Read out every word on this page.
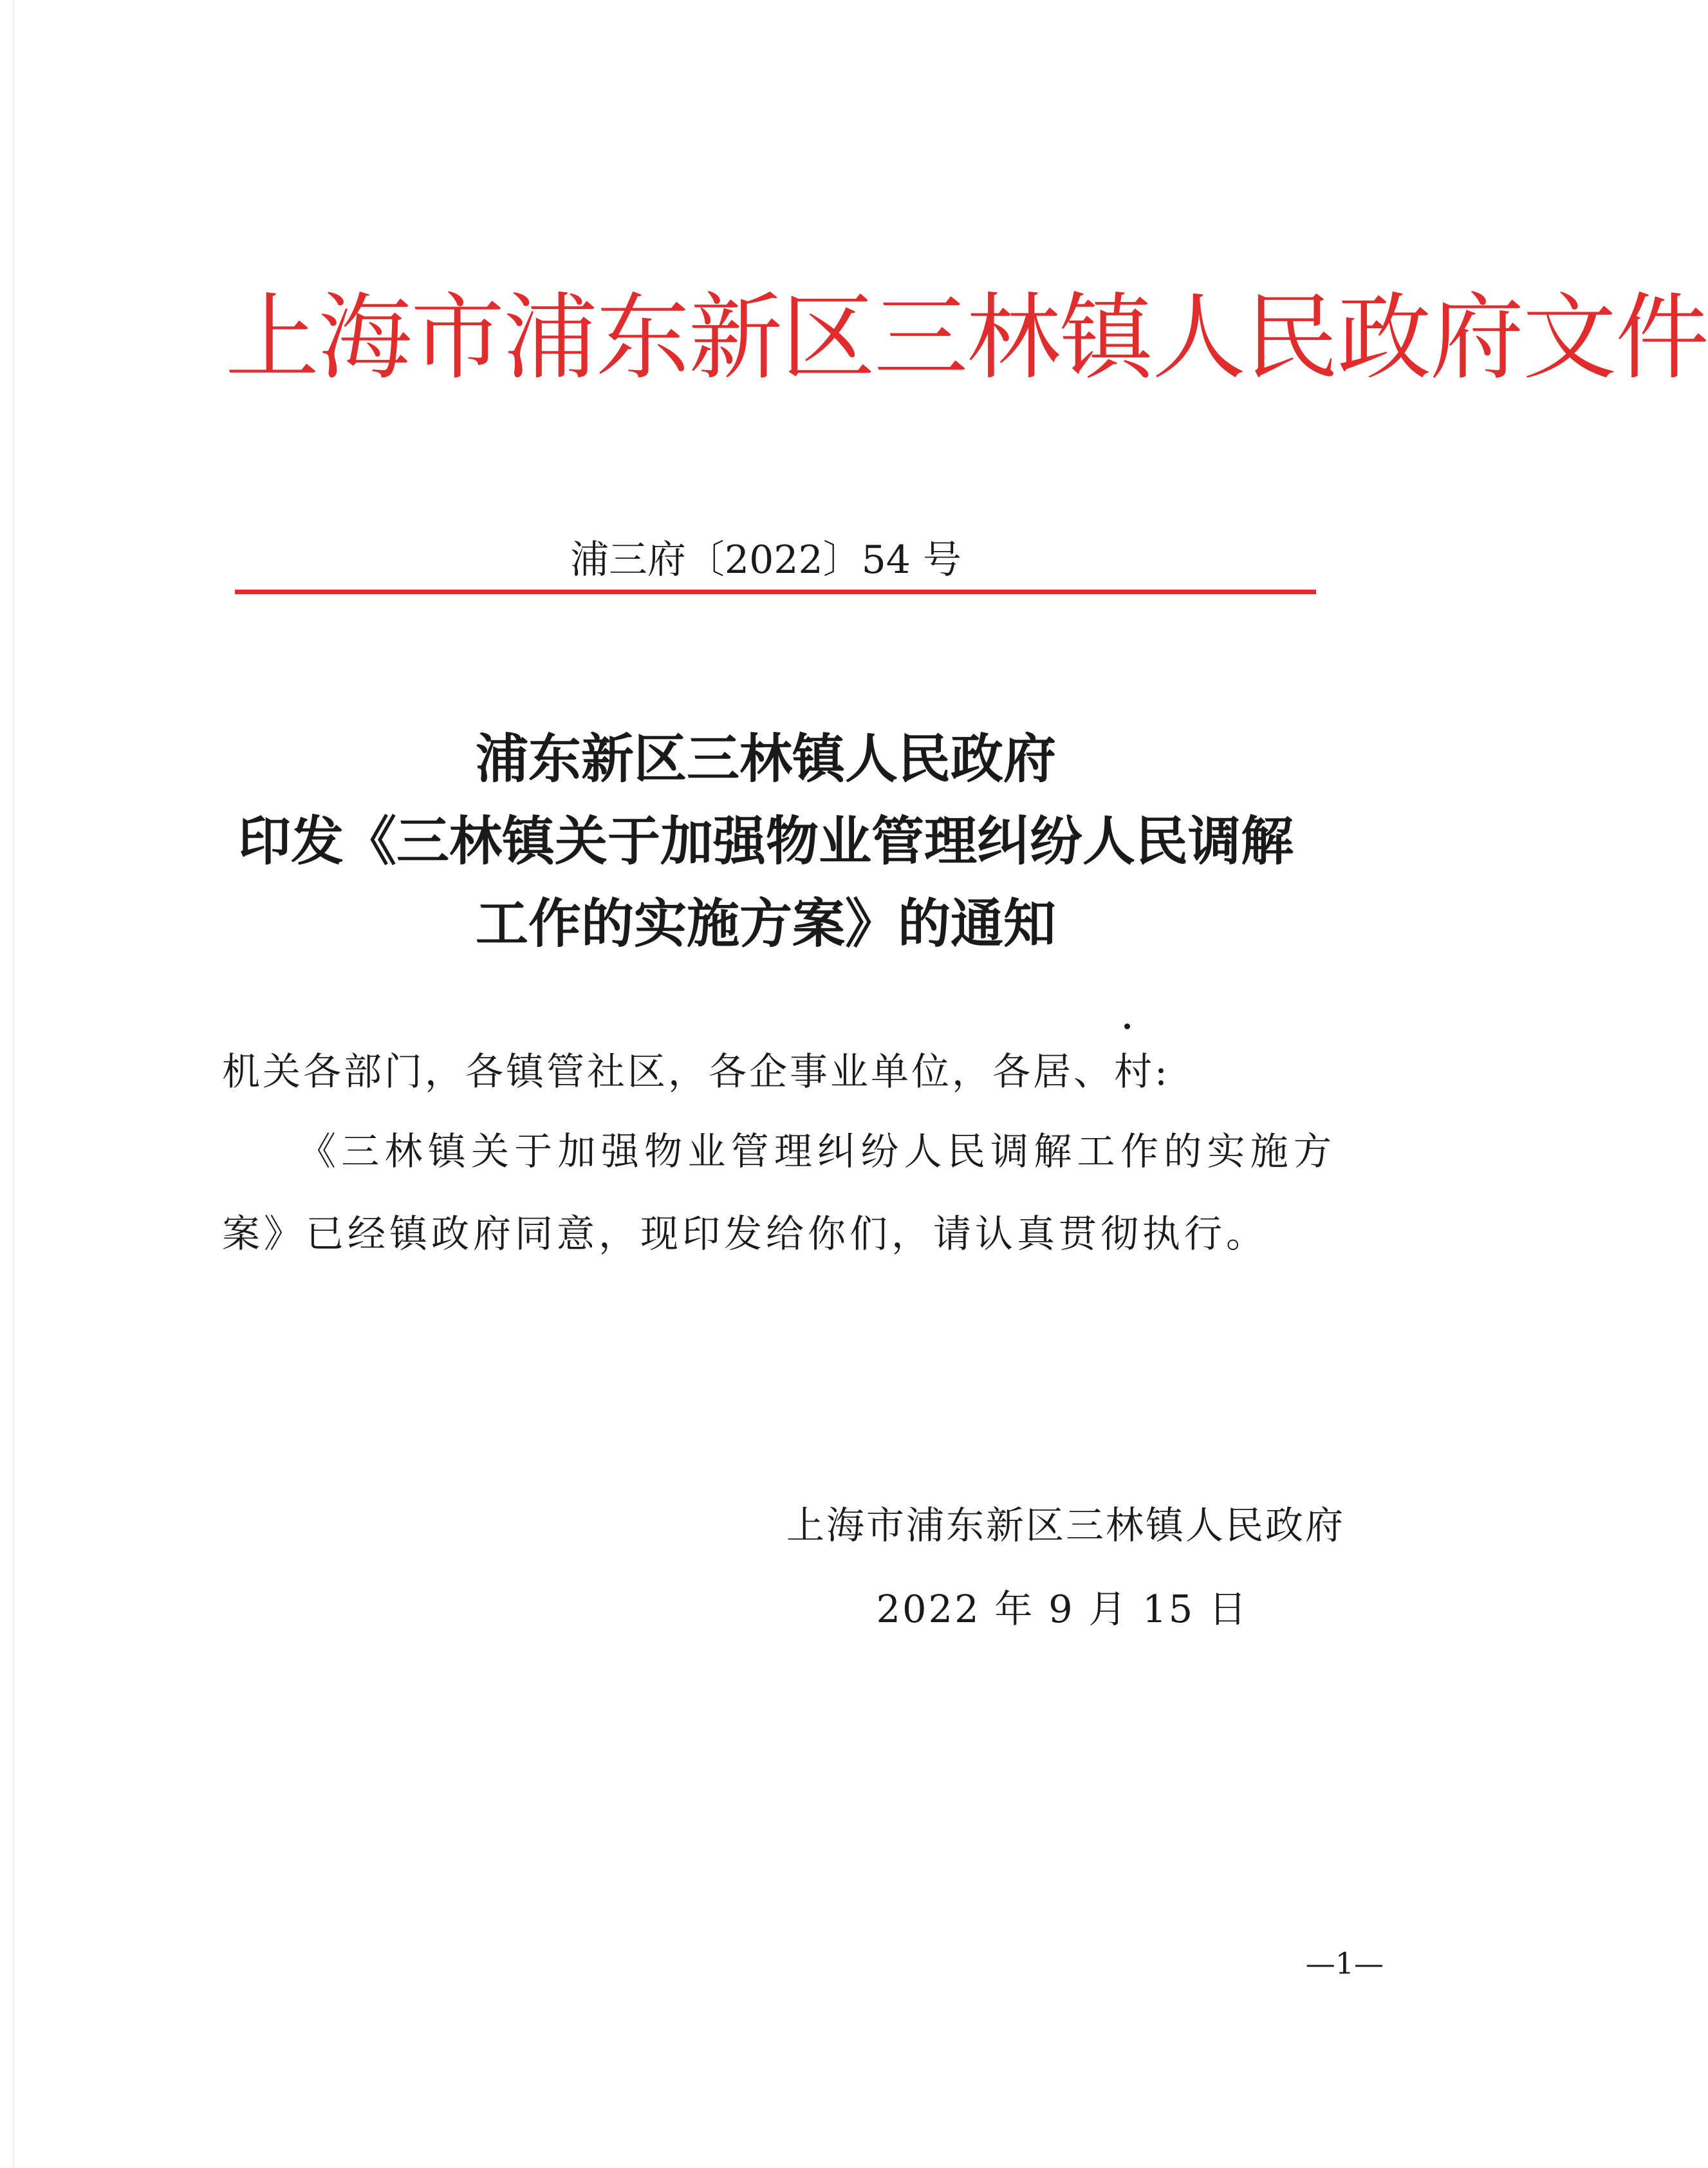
上海市浦东新区三林镇人民政府文件
浦三府〔2022〕54 号
浦东新区三林镇人民政府
印发《三林镇关于加强物业管理纠纷人民调解
工作的实施方案》的通知
机关各部门，各镇管社区，各企事业单位，各居、村:
《三林镇关于加强物业管理纠纷人民调解工作的实施方案》已经镇政府同意，现印发给你们，请认真贯彻执行。
上海市浦东新区三林镇人民政府
2022 年 9 月 15 日
—1—
